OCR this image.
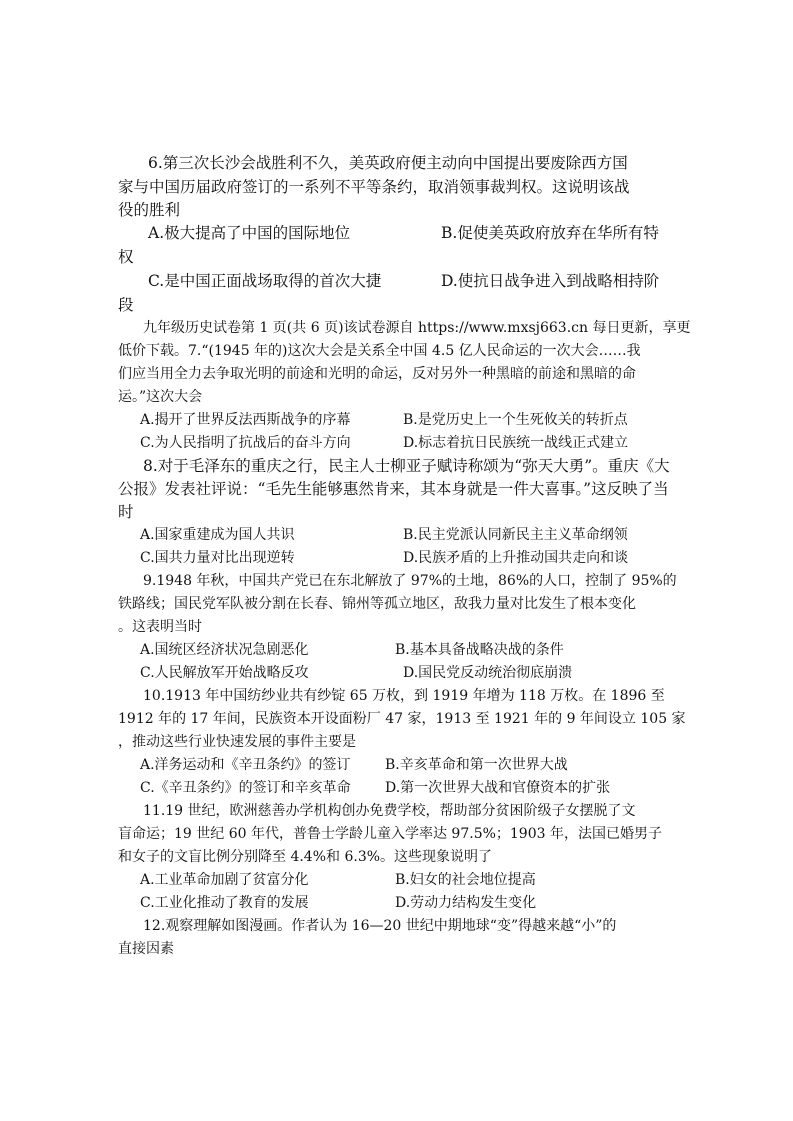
6.第三次长沙会战胜利不久，美英政府便主动向中国提出要废除西方国
家与中国历届政府签订的一系列不平等条约，取消领事裁判权。这说明该战
役的胜利
A.极大提高了中国的国际地位	B.促使美英政府放弃在华所有特
权
C.是中国正面战场取得的首次大捷	D.使抗日战争进入到战略相持阶
段
九年级历史试卷第 1 页(共 6 页)该试卷源自 https://www.mxsj663.cn 每日更新，享更
低价下载。7.“(1945 年的)这次大会是关系全中国 4.5 亿人民命运的一次大会……我
们应当用全力去争取光明的前途和光明的命运，反对另外一种黑暗的前途和黑暗的命
运。”这次大会
A.揭开了世界反法西斯战争的序幕	B.是党历史上一个生死攸关的转折点
C.为人民指明了抗战后的奋斗方向	D.标志着抗日民族统一战线正式建立
8.对于毛泽东的重庆之行，民主人士柳亚子赋诗称颂为“弥天大勇”。重庆《大
公报》发表社评说：“毛先生能够惠然肯来，其本身就是一件大喜事。”这反映了当
时
A.国家重建成为国人共识	B.民主党派认同新民主主义革命纲领
C.国共力量对比出现逆转	D.民族矛盾的上升推动国共走向和谈
9.1948 年秋，中国共产党已在东北解放了 97%的土地，86%的人口，控制了 95%的
铁路线；国民党军队被分割在长春、锦州等孤立地区，敌我力量对比发生了根本变化
。这表明当时
A.国统区经济状况急剧恶化	B.基本具备战略决战的条件
C.人民解放军开始战略反攻	D.国民党反动统治彻底崩溃
10.1913 年中国纺纱业共有纱锭 65 万枚，到 1919 年增为 118 万枚。在 1896 至
1912 年的 17 年间，民族资本开设面粉厂 47 家，1913 至 1921 年的 9 年间设立 105 家
，推动这些行业快速发展的事件主要是
A.洋务运动和《辛丑条约》的签订 B.辛亥革命和第一次世界大战
C.《辛丑条约》的签订和辛亥革命 D.第一次世界大战和官僚资本的扩张
11.19 世纪，欧洲慈善办学机构创办免费学校，帮助部分贫困阶级子女摆脱了文
盲命运；19 世纪 60 年代，普鲁士学龄儿童入学率达 97.5%；1903 年，法国已婚男子
和女子的文盲比例分别降至 4.4%和 6.3%。这些现象说明了
A.工业革命加剧了贫富分化	B.妇女的社会地位提高
C.工业化推动了教育的发展	D.劳动力结构发生变化
12.观察理解如图漫画。作者认为 16—20 世纪中期地球“变”得越来越“小”的
直接因素
